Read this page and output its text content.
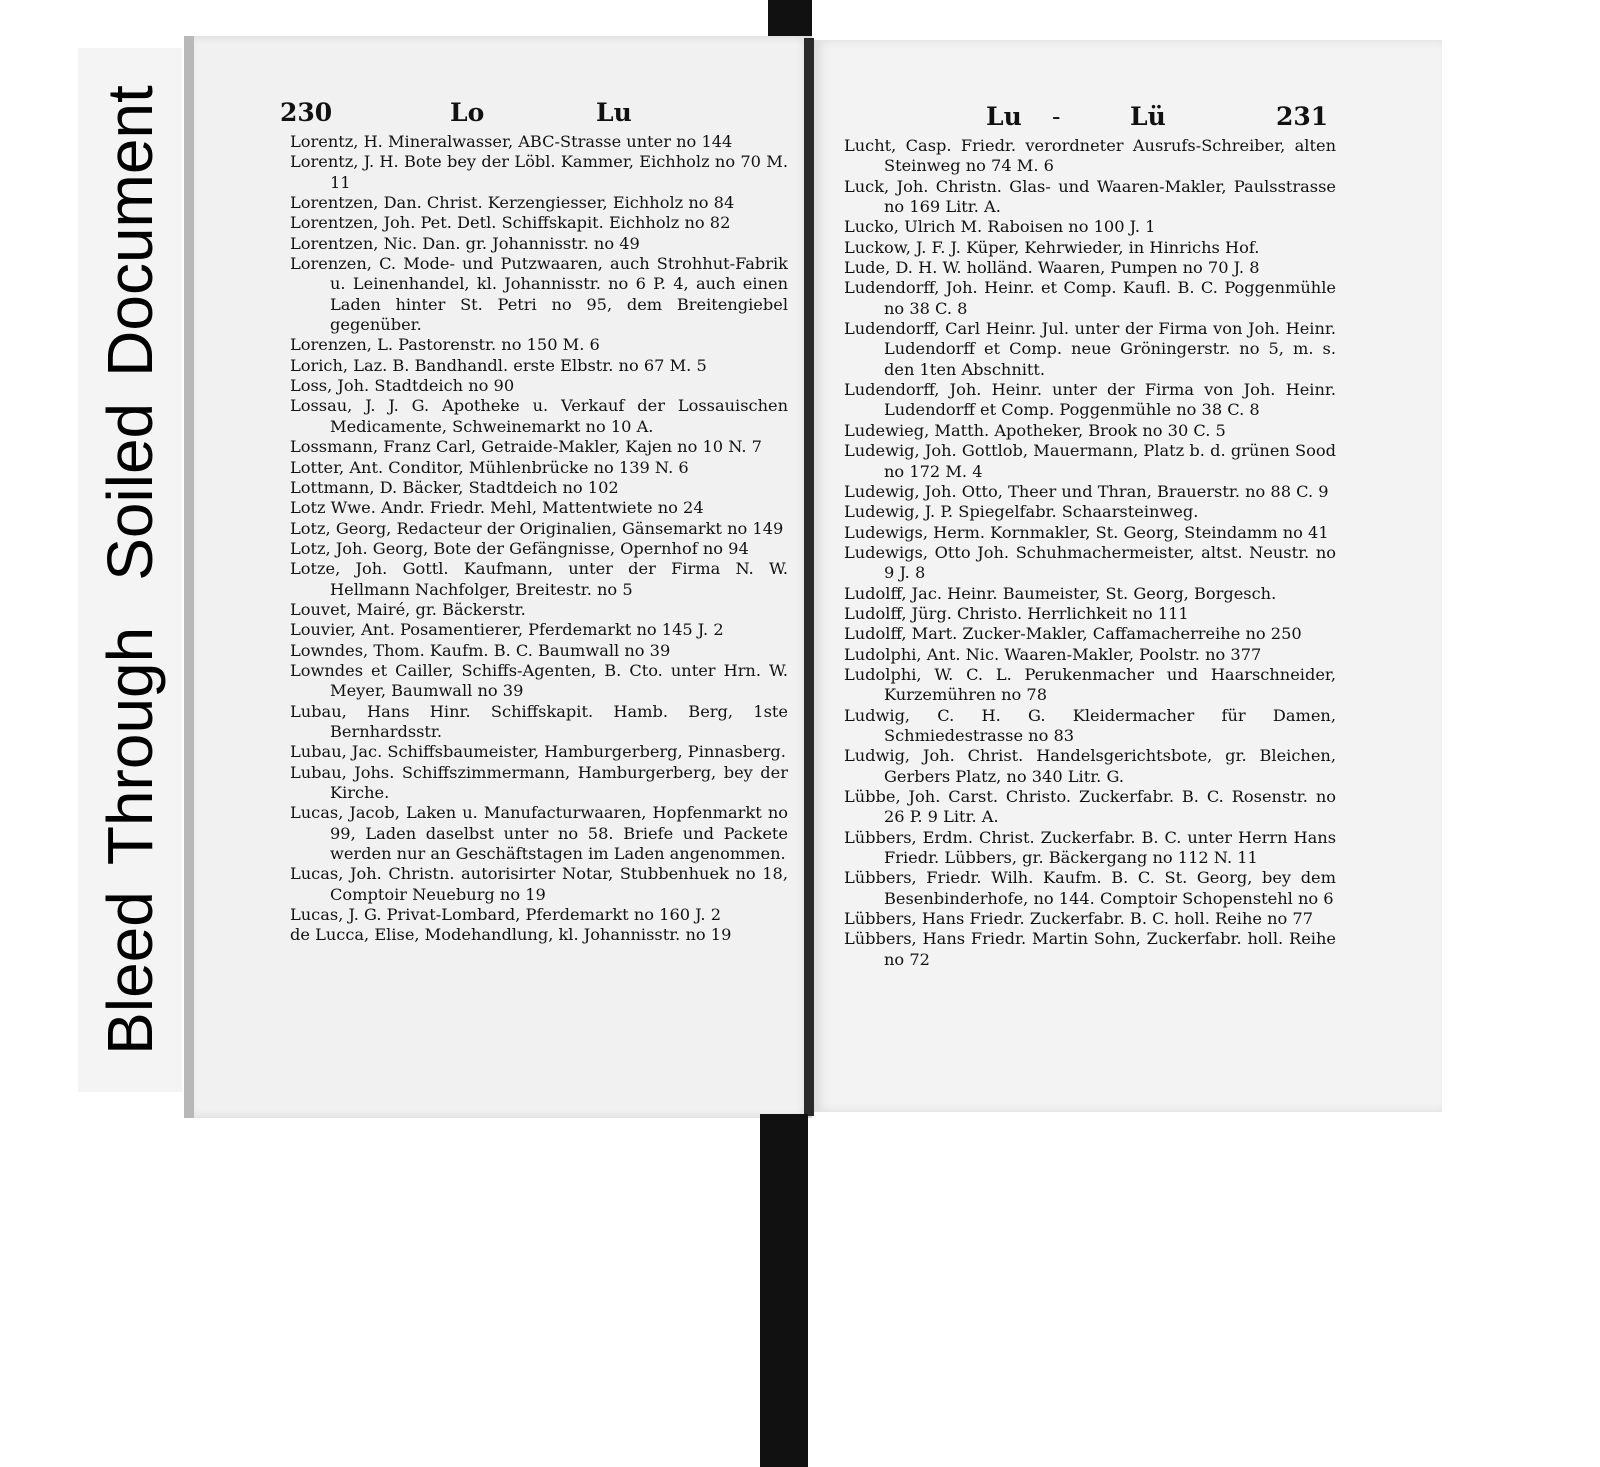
BleedThroughSoiledDocument	230	Lo	Lu
Lorentz, H. Mineralwasser, ABC-Strasse unter no 144
Lorentz, J. H. Bote bey der Löbl. Kammer, Eichholz no 70 M. 11
Lorentzen, Dan. Christ. Kerzengiesser, Eichholz no 84
Lorentzen, Joh. Pet. Detl. Schiffskapit. Eichholz no 82
Lorentzen, Nic. Dan. gr. Johannisstr. no 49
Lorenzen, C. Mode- und Putzwaaren, auch Strohhut-Fabrik u. Leinenhandel, kl. Johannisstr. no 6 P. 4, auch einen Laden hinter St. Petri no 95, dem Breitengiebel gegenüber.
Lorenzen, L. Pastorenstr. no 150 M. 6
Lorich, Laz. B. Bandhandl. erste Elbstr. no 67 M. 5
Loss, Joh. Stadtdeich no 90
Lossau, J. J. G. Apotheke u. Verkauf der Lossauischen Medicamente, Schweinemarkt no 10 A.
Lossmann, Franz Carl, Getraide-Makler, Kajen no 10 N. 7
Lotter, Ant. Conditor, Mühlenbrücke no 139 N. 6
Lottmann, D. Bäcker, Stadtdeich no 102
Lotz Wwe. Andr. Friedr. Mehl, Mattentwiete no 24
Lotz, Georg, Redacteur der Originalien, Gänsemarkt no 149
Lotz, Joh. Georg, Bote der Gefängnisse, Opernhof no 94
Lotze, Joh. Gottl. Kaufmann, unter der Firma N. W. Hellmann Nachfolger, Breitestr. no 5
Louvet, Mairé, gr. Bäckerstr.
Louvier, Ant. Posamentierer, Pferdemarkt no 145 J. 2
Lowndes, Thom. Kaufm. B. C. Baumwall no 39
Lowndes et Cailler, Schiffs-Agenten, B. Cto. unter Hrn. W. Meyer, Baumwall no 39
Lubau, Hans Hinr. Schiffskapit. Hamb. Berg, 1ste Bernhardsstr.
Lubau, Jac. Schiffsbaumeister, Hamburgerberg, Pinnasberg.
Lubau, Johs. Schiffszimmermann, Hamburgerberg, bey der Kirche.
Lucas, Jacob, Laken u. Manufacturwaaren, Hopfenmarkt no 99, Laden daselbst unter no 58. Briefe und Packete werden nur an Geschäftstagen im Laden angenommen.
Lucas, Joh. Christn. autorisirter Notar, Stubbenhuek no 18, Comptoir Neueburg no 19
Lucas, J. G. Privat-Lombard, Pferdemarkt no 160 J. 2
de Lucca, Elise, Modehandlung, kl. Johannisstr. no 19
Lu -	Lü	231
Lucht, Casp. Friedr. verordneter Ausrufs-Schreiber, alten Steinweg no 74 M. 6
Luck, Joh. Christn. Glas- und Waaren-Makler, Paulsstrasse no 169 Litr. A.
Lucko, Ulrich M. Raboisen no 100 J. 1
Luckow, J. F. J. Küper, Kehrwieder, in Hinrichs Hof.
Lude, D. H. W. holländ. Waaren, Pumpen no 70 J. 8
Ludendorff, Joh. Heinr. et Comp. Kaufl. B. C. Poggenmühle no 38 C. 8
Ludendorff, Carl Heinr. Jul. unter der Firma von Joh. Heinr. Ludendorff et Comp. neue Gröningerstr. no 5, m. s. den 1ten Abschnitt.
Ludendorff, Joh. Heinr. unter der Firma von Joh. Heinr. Ludendorff et Comp. Poggenmühle no 38 C. 8
Ludewieg, Matth. Apotheker, Brook no 30 C. 5
Ludewig, Joh. Gottlob, Mauermann, Platz b. d. grünen Sood no 172 M. 4
Ludewig, Joh. Otto, Theer und Thran, Brauerstr. no 88 C. 9
Ludewig, J. P. Spiegelfabr. Schaarsteinweg.
Ludewigs, Herm. Kornmakler, St. Georg, Steindamm no 41
Ludewigs, Otto Joh. Schuhmachermeister, altst. Neustr. no 9 J. 8
Ludolff, Jac. Heinr. Baumeister, St. Georg, Borgesch.
Ludolff, Jürg. Christo. Herrlichkeit no 111
Ludolff, Mart. Zucker-Makler, Caffamacherreihe no 250
Ludolphi, Ant. Nic. Waaren-Makler, Poolstr. no 377
Ludolphi, W. C. L. Perukenmacher und Haarschneider, Kurzemühren no 78
Ludwig, C. H. G. Kleidermacher für Damen, Schmiedestrasse no 83
Ludwig, Joh. Christ. Handelsgerichtsbote, gr. Bleichen, Gerbers Platz, no 340 Litr. G.
Lübbe, Joh. Carst. Christo. Zuckerfabr. B. C. Rosenstr. no 26 P. 9 Litr. A.
Lübbers, Erdm. Christ. Zuckerfabr. B. C. unter Herrn Hans Friedr. Lübbers, gr. Bäckergang no 112 N. 11
Lübbers, Friedr. Wilh. Kaufm. B. C. St. Georg, bey dem Besenbinderhofe, no 144. Comptoir Schopenstehl no 6
Lübbers, Hans Friedr. Zuckerfabr. B. C. holl. Reihe no 77
Lübbers, Hans Friedr. Martin Sohn, Zuckerfabr. holl. Reihe no 72
